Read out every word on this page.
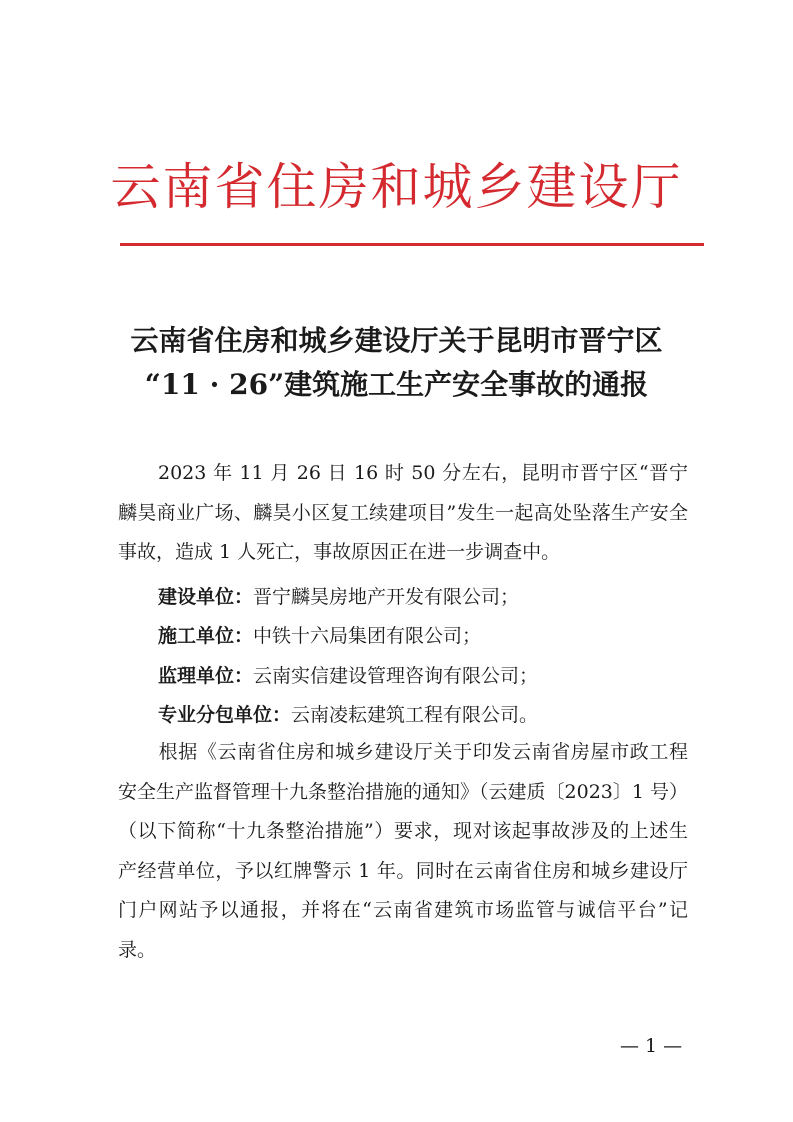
云南省住房和城乡建设厅
云南省住房和城乡建设厅关于昆明市晋宁区
“11 · 26”建筑施工生产安全事故的通报
2023 年 11 月 26 日 16 时 50 分左右，昆明市晋宁区“晋宁麟昊商业广场、麟昊小区复工续建项目”发生一起高处坠落生产安全事故，造成 1 人死亡，事故原因正在进一步调查中。
建设单位：晋宁麟昊房地产开发有限公司；
施工单位：中铁十六局集团有限公司；
监理单位：云南实信建设管理咨询有限公司；
专业分包单位：云南凌耘建筑工程有限公司。
根据《云南省住房和城乡建设厅关于印发云南省房屋市政工程安全生产监督管理十九条整治措施的通知》（云建质〔2023〕1 号）（以下简称“十九条整治措施”）要求，现对该起事故涉及的上述生产经营单位，予以红牌警示 1 年。同时在云南省住房和城乡建设厅门户网站予以通报，并将在“云南省建筑市场监管与诚信平台”记录。
— 1 —
